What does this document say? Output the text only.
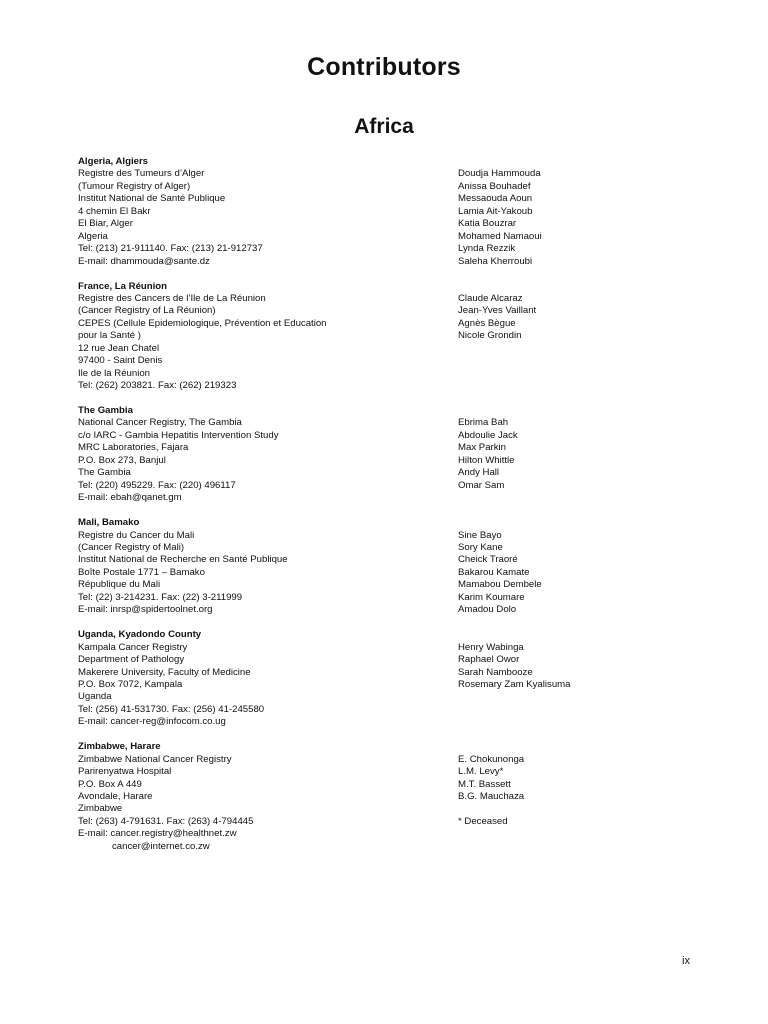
Contributors
Africa
Algeria, Algiers
Registre des Tumeurs d’Alger
(Tumour Registry of Alger)
Institut National de Santé Publique
4 chemin El Bakr
El Biar, Alger
Algeria
Tel: (213) 21-911140. Fax: (213) 21-912737
E-mail: dhammouda@sante.dz
Doudja Hammouda
Anissa Bouhadef
Messaouda Aoun
Lamia Ait-Yakoub
Katia Bouzrar
Mohamed Namaoui
Lynda Rezzik
Saleha Kherroubi
France, La Réunion
Registre des Cancers de l’Ile de La Réunion
(Cancer Registry of La Réunion)
CEPES (Cellule Epidemiologique, Prévention et Education
pour la Santé )
12 rue Jean Chatel
97400 - Saint Denis
Ile de la Réunion
Tel: (262) 203821. Fax: (262) 219323
Claude Alcaraz
Jean-Yves Vaillant
Agnès Bègue
Nicole Grondin
The Gambia
National Cancer Registry, The Gambia
c/o IARC - Gambia Hepatitis Intervention Study
MRC Laboratories, Fajara
P.O. Box 273, Banjul
The Gambia
Tel: (220) 495229. Fax: (220) 496117
E-mail: ebah@qanet.gm
Ebrima Bah
Abdoulie Jack
Max Parkin
Hilton Whittle
Andy Hall
Omar Sam
Mali, Bamako
Registre du Cancer du Mali
(Cancer Registry of Mali)
Institut National de Recherche en Santé Publique
Boîte Postale 1771 – Bamako
République du Mali
Tel: (22) 3-214231. Fax: (22) 3-211999
E-mail: inrsp@spidertoolnet.org
Sine Bayo
Sory Kane
Cheick Traoré
Bakarou Kamate
Mamabou Dembele
Karim Koumare
Amadou Dolo
Uganda, Kyadondo County
Kampala Cancer Registry
Department of Pathology
Makerere University, Faculty of Medicine
P.O. Box 7072, Kampala
Uganda
Tel: (256) 41-531730. Fax: (256) 41-245580
E-mail: cancer-reg@infocom.co.ug
Henry Wabinga
Raphael Owor
Sarah Nambooze
Rosemary Zam Kyalisuma
Zimbabwe, Harare
Zimbabwe National Cancer Registry
Parirenyatwa Hospital
P.O. Box A 449
Avondale, Harare
Zimbabwe
Tel: (263) 4-791631. Fax: (263) 4-794445
E-mail: cancer.registry@healthnet.zw
cancer@internet.co.zw
E. Chokunonga
L.M. Levy*
M.T. Bassett
B.G. Mauchaza
* Deceased
ix
